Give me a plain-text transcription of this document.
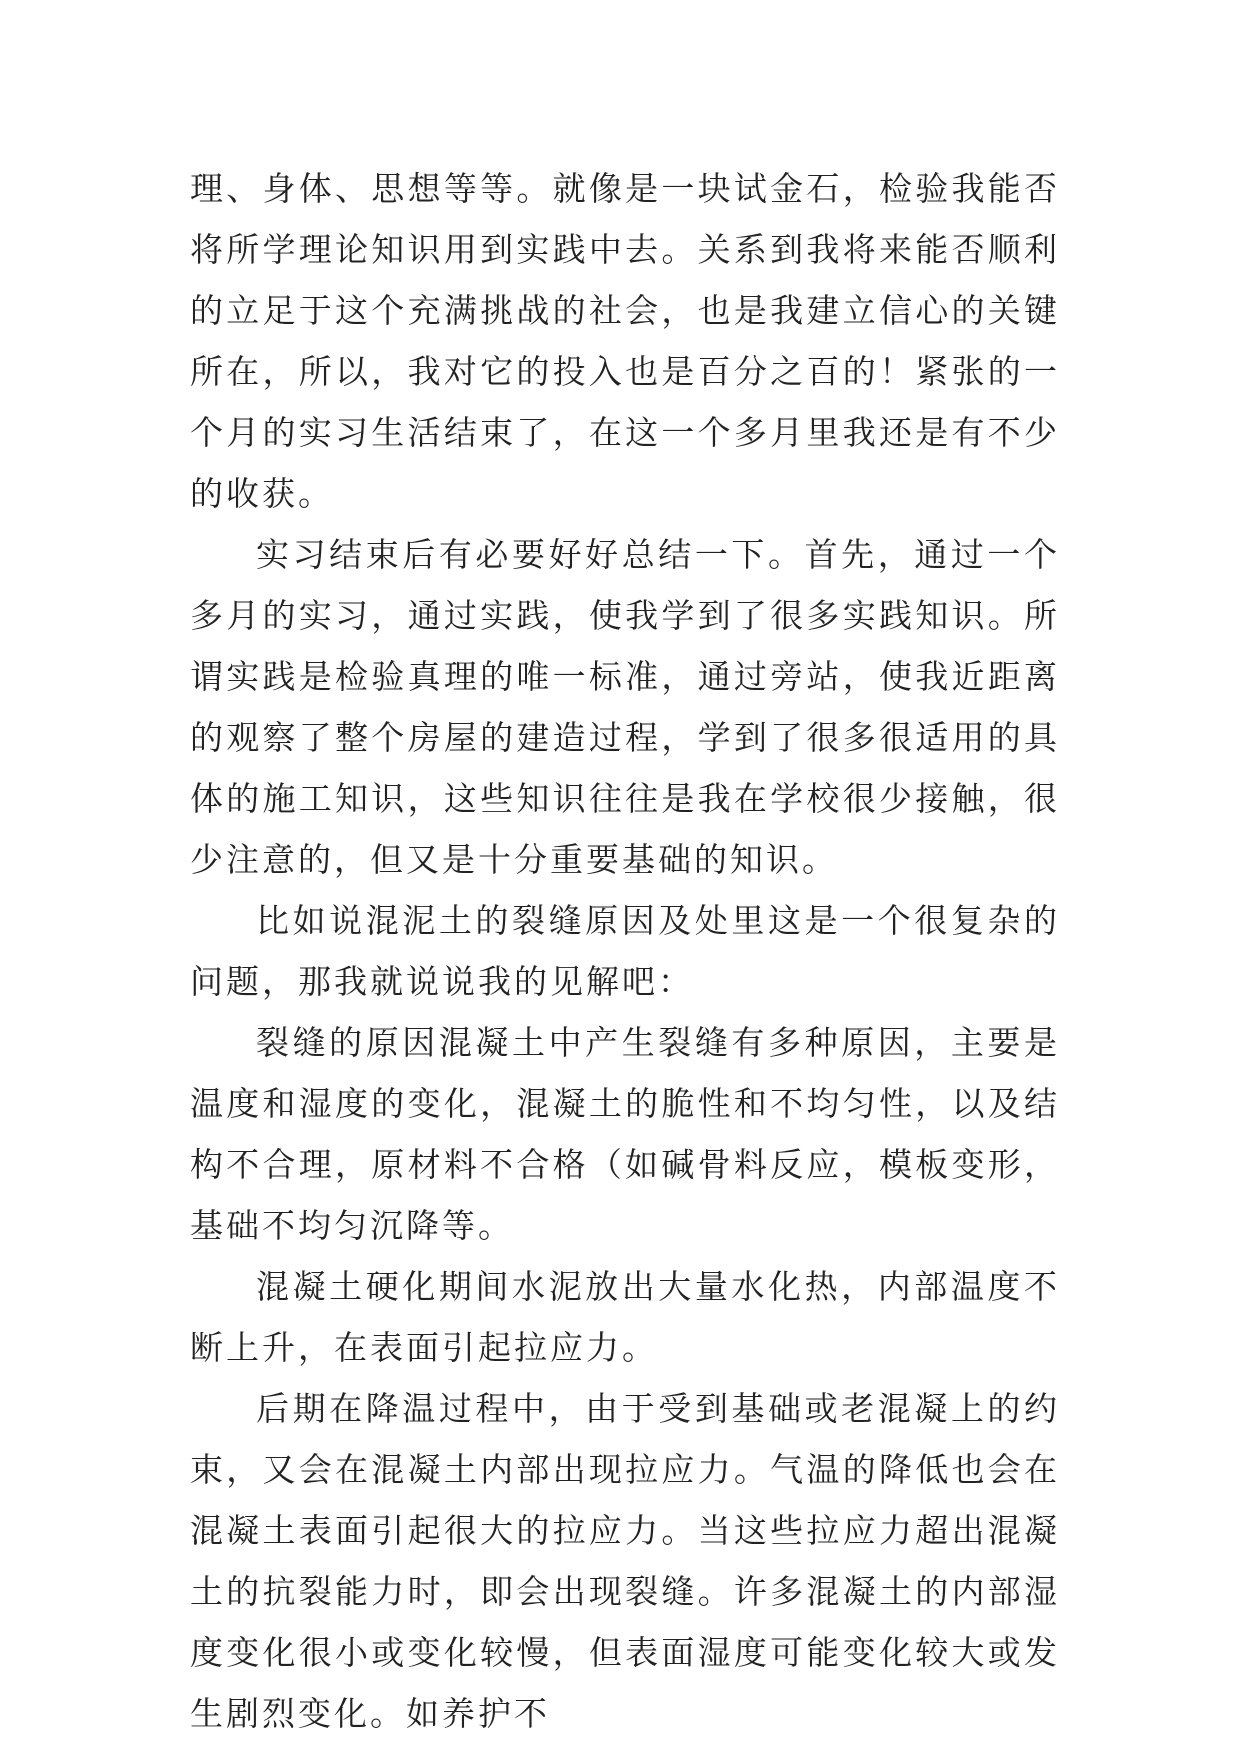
理、身体、思想等等。就像是一块试金石，检验我能否将所学理论知识用到实践中去。关系到我将来能否顺利的立足于这个充满挑战的社会，也是我建立信心的关键所在，所以，我对它的投入也是百分之百的！紧张的一个月的实习生活结束了，在这一个多月里我还是有不少的收获。

实习结束后有必要好好总结一下。首先，通过一个多月的实习，通过实践，使我学到了很多实践知识。所谓实践是检验真理的唯一标准，通过旁站，使我近距离的观察了整个房屋的建造过程，学到了很多很适用的具体的施工知识，这些知识往往是我在学校很少接触，很少注意的，但又是十分重要基础的知识。

比如说混泥土的裂缝原因及处里这是一个很复杂的问题，那我就说说我的见解吧：

裂缝的原因混凝土中产生裂缝有多种原因，主要是温度和湿度的变化，混凝土的脆性和不均匀性，以及结构不合理，原材料不合格（如碱骨料反应，模板变形，基础不均匀沉降等。

混凝土硬化期间水泥放出大量水化热，内部温度不断上升，在表面引起拉应力。

后期在降温过程中，由于受到基础或老混凝上的约束，又会在混凝土内部出现拉应力。气温的降低也会在混凝土表面引起很大的拉应力。当这些拉应力超出混凝土的抗裂能力时，即会出现裂缝。许多混凝土的内部湿度变化很小或变化较慢，但表面湿度可能变化较大或发生剧烈变化。如养护不
